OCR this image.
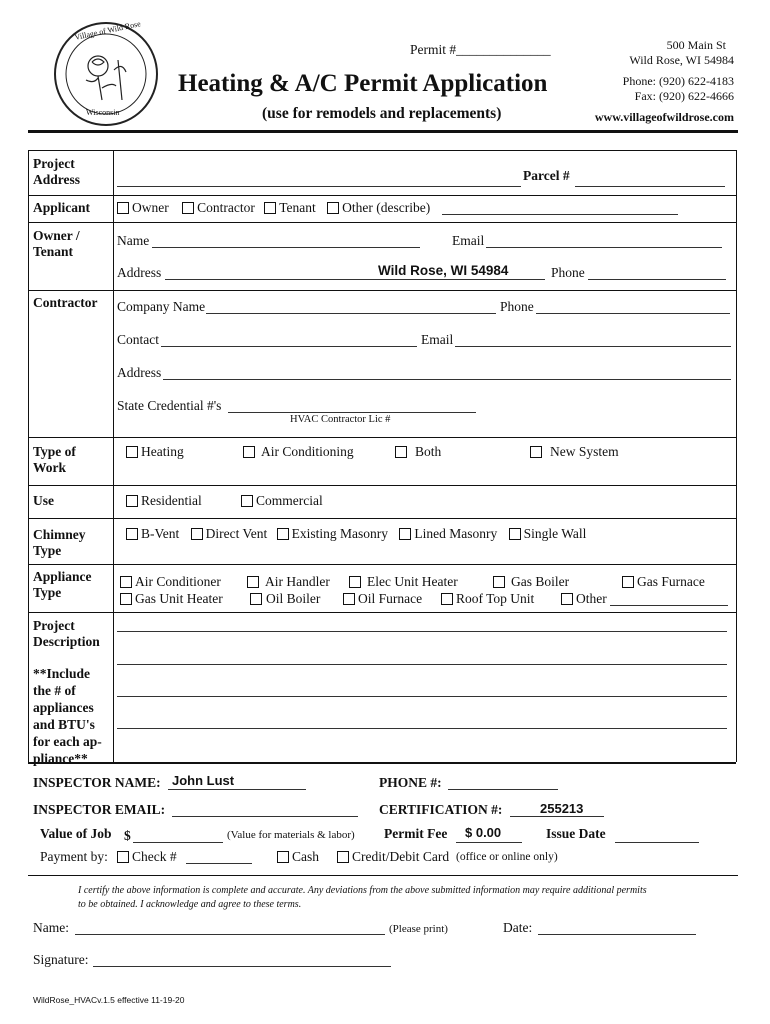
Village of Wild Rose
Wisconsin
Permit #______________
Heating & A/C Permit Application
(use for remodels and replacements)
500 Main St
Wild Rose, WI 54984
Phone: (920) 622-4183
Fax: (920) 622-4666
www.villageofwildrose.com
Project
Address	Parcel #
Applicant	Owner Contractor Tenant Other (describe)
Owner /
Tenant
Name	Email
Address	Wild Rose, WI 54984	Phone
Contractor Company Name	Phone
Contact	Email
Address
State Credential #'s
HVAC Contractor Lic #
Type of
Work
Heating	Air Conditioning	Both	New System
Use	Residential	Commercial
Chimney
Type
B-Vent Direct Vent Existing Masonry Lined Masonry Single Wall
Appliance
Type
Air Conditioner	Air Handler	Elec Unit Heater	Gas Boiler	Gas Furnace
Gas Unit Heater	Oil Boiler	Oil Furnace	Roof Top Unit	Other
Project
Description
**Include
the # of
appliances
and BTU's
for each ap-
pliance**
INSPECTOR NAME: John Lust	PHONE #:
INSPECTOR EMAIL:	CERTIFICATION #:	255213
Value of Job $	(Value for materials & labor) Permit Fee $ 0.00	Issue Date
Payment by:	Check #	Cash	Credit/Debit Card (office or online only)
I certify the above information is complete and accurate. Any deviations from the above submitted information may require additional permits
to be obtained. I acknowledge and agree to these terms.
Name:	(Please print)	Date:
Signature:
WildRose_HVACv.1.5 effective 11-19-20
